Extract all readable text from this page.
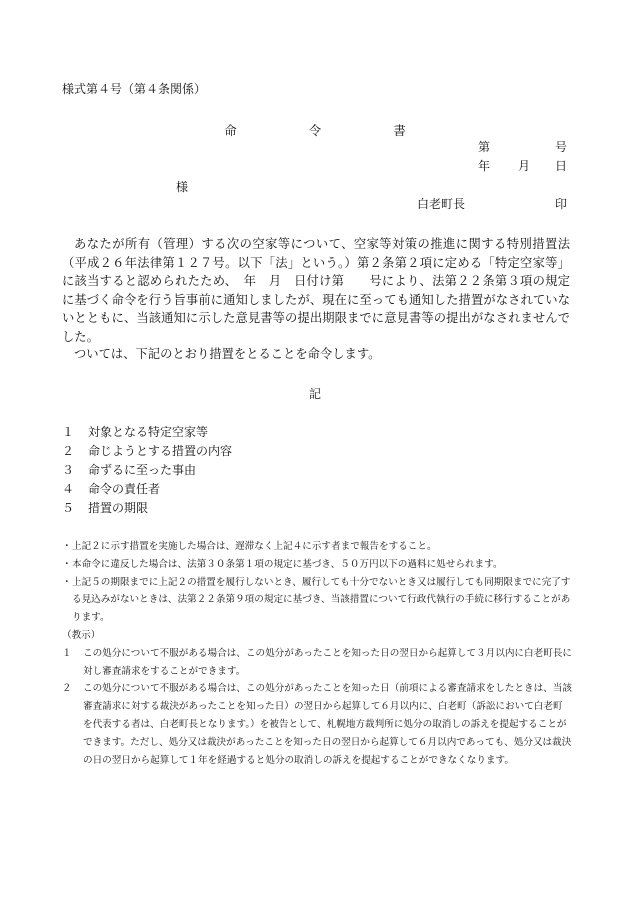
様式第４号（第４条関係）
命	令	書
第	号
年 月 日
様
白老町長	印
あなたが所有（管理）する次の空家等について、空家等対策の推進に関する特別措置法（平成２６年法律第１２７号。以下「法」という。）第２条第２項に定める「特定空家等」に該当すると認められたため、　年　月　日付け第　　号により、法第２２条第３項の規定に基づく命令を行う旨事前に通知しましたが、現在に至っても通知した措置がなされていないとともに、当該通知に示した意見書等の提出期限までに意見書等の提出がなされませんでした。
ついては、下記のとおり措置をとることを命令します。
記
１ 対象となる特定空家等
２ 命じようとする措置の内容
３ 命ずるに至った事由
４ 命令の責任者
５ 措置の期限
・ 上記２に示す措置を実施した場合は、遅滞なく上記４に示す者まで報告をすること。
・ 本命令に違反した場合は、法第３０条第１項の規定に基づき、５０万円以下の過料に処せられます。
・ 上記５の期限までに上記２の措置を履行しないとき、履行しても十分でないとき又は履行しても同期限までに完了する見込みがないときは、法第２２条第９項の規定に基づき、当該措置について行政代執行の手続に移行することがあります。
（教示）
１	この処分について不服がある場合は、この処分があったことを知った日の翌日から起算して３月以内に白老町長に対し審査請求をすることができます。
２	この処分について不服がある場合は、この処分があったことを知った日（前項による審査請求をしたときは、当該審査請求に対する裁決があったことを知った日）の翌日から起算して６月以内に、白老町（訴訟において白老町を代表する者は、白老町長となります。）を被告として、札幌地方裁判所に処分の取消しの訴えを提起することができます。ただし、処分又は裁決があったことを知った日の翌日から起算して６月以内であっても、処分又は裁決の日の翌日から起算して１年を経過すると処分の取消しの訴えを提起することができなくなります。
